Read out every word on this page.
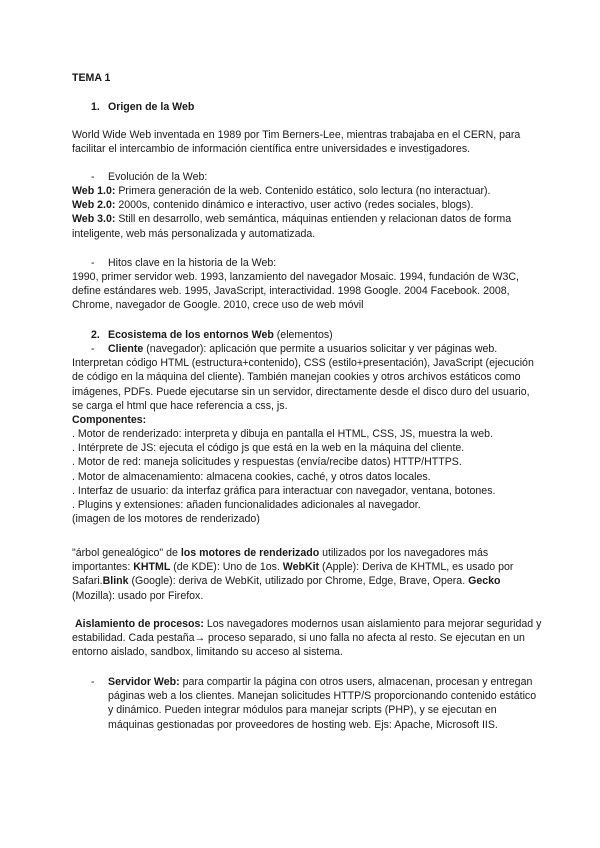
TEMA 1

1. Origen de la Web

World Wide Web inventada en 1989 por Tim Berners-Lee, mientras trabajaba en el CERN, para facilitar el intercambio de información científica entre universidades e investigadores.

- Evolución de la Web:

Web 1.0: Primera generación de la web. Contenido estático, solo lectura (no interactuar).

Web 2.0: 2000s, contenido dinámico e interactivo, user activo (redes sociales, blogs).

Web 3.0: Still en desarrollo, web semántica, máquinas entienden y relacionan datos de forma inteligente, web más personalizada y automatizada.

- Hitos clave en la historia de la Web:

1990, primer servidor web. 1993, lanzamiento del navegador Mosaic. 1994, fundación de W3C, define estándares web. 1995, JavaScript, interactividad. 1998 Google. 2004 Facebook. 2008, Chrome, navegador de Google. 2010, crece uso de web móvil

2. Ecosistema de los entornos Web (elementos)
-	Cliente (navegador): aplicación que permite a usuarios solicitar y ver páginas web. Interpretan código HTML (estructura+contenido), CSS (estilo+presentación), JavaScript (ejecución de código en la máquina del cliente). También manejan cookies y otros archivos estáticos como imágenes, PDFs. Puede ejecutarse sin un servidor, directamente desde el disco duro del usuario, se carga el html que hace referencia a css, js.

Componentes:

. Motor de renderizado: interpreta y dibuja en pantalla el HTML, CSS, JS, muestra la web.

. Intérprete de JS: ejecuta el código js que está en la web en la máquina del cliente.

. Motor de red: maneja solicitudes y respuestas (envía/recibe datos) HTTP/HTTPS.

. Motor de almacenamiento: almacena cookies, caché, y otros datos locales.

. Interfaz de usuario: da interfaz gráfica para interactuar con navegador, ventana, botones.

. Plugins y extensiones: añaden funcionalidades adicionales al navegador.

(imagen de los motores de renderizado)

"árbol genealógico" de los motores de renderizado utilizados por los navegadores más importantes: KHTML (de KDE): Uno de 1os. WebKit (Apple): Deriva de KHTML, es usado por Safari.Blink (Google): deriva de WebKit, utilizado por Chrome, Edge, Brave, Opera. Gecko (Mozilla): usado por Firefox.

Aislamiento de procesos: Los navegadores modernos usan aislamiento para mejorar seguridad y estabilidad. Cada pestaña→ proceso separado, si uno falla no afecta al resto. Se ejecutan en un entorno aislado, sandbox, limitando su acceso al sistema.

- Servidor Web: para compartir la página con otros users, almacenan, procesan y entregan páginas web a los clientes. Manejan solicitudes HTTP/S proporcionando contenido estático y dinámico. Pueden integrar módulos para manejar scripts (PHP), y se ejecutan en máquinas gestionadas por proveedores de hosting web. Ejs: Apache, Microsoft IIS.
